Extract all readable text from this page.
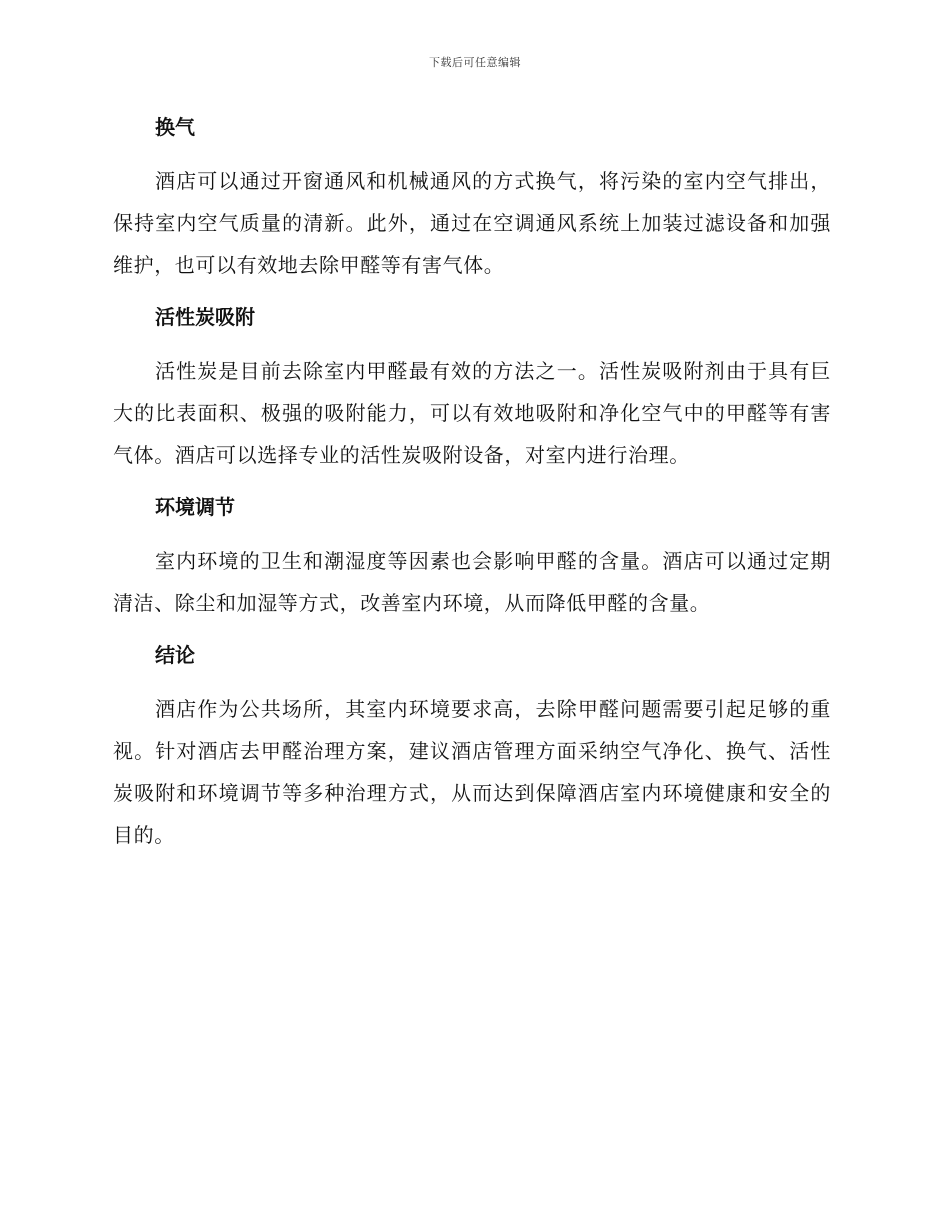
下载后可任意编辑
换气

酒店可以通过开窗通风和机械通风的方式换气，将污染的室内空气排出，保持室内空气质量的清新。此外，通过在空调通风系统上加装过滤设备和加强维护，也可以有效地去除甲醛等有害气体。

活性炭吸附

活性炭是目前去除室内甲醛最有效的方法之一。活性炭吸附剂由于具有巨大的比表面积、极强的吸附能力，可以有效地吸附和净化空气中的甲醛等有害气体。酒店可以选择专业的活性炭吸附设备，对室内进行治理。

环境调节

室内环境的卫生和潮湿度等因素也会影响甲醛的含量。酒店可以通过定期清洁、除尘和加湿等方式，改善室内环境，从而降低甲醛的含量。

结论

酒店作为公共场所，其室内环境要求高，去除甲醛问题需要引起足够的重视。针对酒店去甲醛治理方案，建议酒店管理方面采纳空气净化、换气、活性炭吸附和环境调节等多种治理方式，从而达到保障酒店室内环境健康和安全的目的。
